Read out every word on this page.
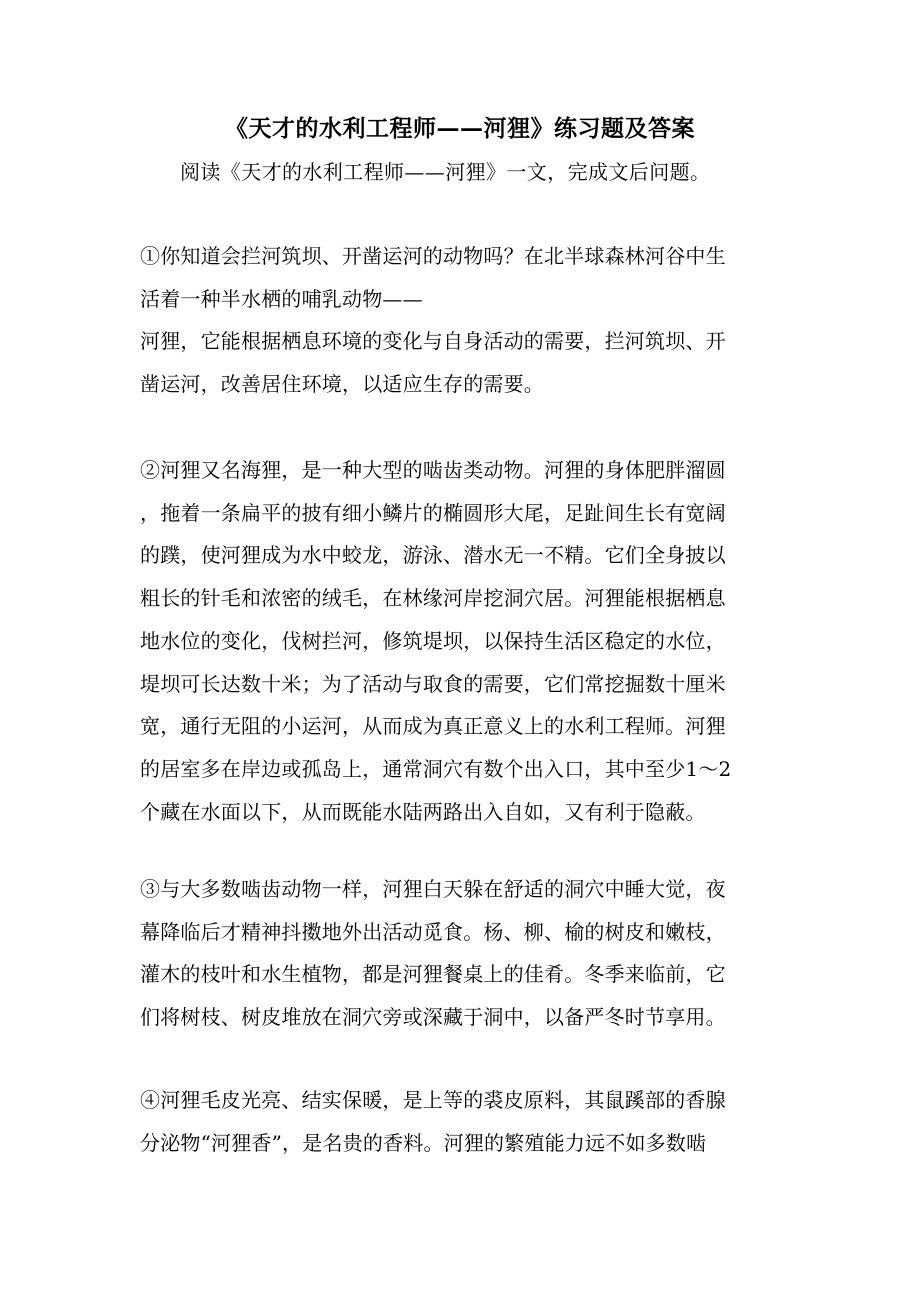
《天才的水利工程师——河狸》练习题及答案
阅读《天才的水利工程师——河狸》一文，完成文后问题。
①你知道会拦河筑坝、开凿运河的动物吗？在北半球森林河谷中生
活着一种半水栖的哺乳动物——
河狸，它能根据栖息环境的变化与自身活动的需要，拦河筑坝、开
凿运河，改善居住环境，以适应生存的需要。
②河狸又名海狸，是一种大型的啮齿类动物。河狸的身体肥胖溜圆
，拖着一条扁平的披有细小鳞片的椭圆形大尾，足趾间生长有宽阔
的蹼，使河狸成为水中蛟龙，游泳、潜水无一不精。它们全身披以
粗长的针毛和浓密的绒毛，在林缘河岸挖洞穴居。河狸能根据栖息
地水位的变化，伐树拦河，修筑堤坝，以保持生活区稳定的水位，
堤坝可长达数十米；为了活动与取食的需要，它们常挖掘数十厘米
宽，通行无阻的小运河，从而成为真正意义上的水利工程师。河狸
的居室多在岸边或孤岛上，通常洞穴有数个出入口，其中至少1～2
个藏在水面以下，从而既能水陆两路出入自如，又有利于隐蔽。
③与大多数啮齿动物一样，河狸白天躲在舒适的洞穴中睡大觉，夜
幕降临后才精神抖擞地外出活动觅食。杨、柳、榆的树皮和嫩枝，
灌木的枝叶和水生植物，都是河狸餐桌上的佳肴。冬季来临前，它
们将树枝、树皮堆放在洞穴旁或深藏于洞中，以备严冬时节享用。
④河狸毛皮光亮、结实保暖，是上等的裘皮原料，其鼠蹊部的香腺
分泌物“河狸香”，是名贵的香料。河狸的繁殖能力远不如多数啮
